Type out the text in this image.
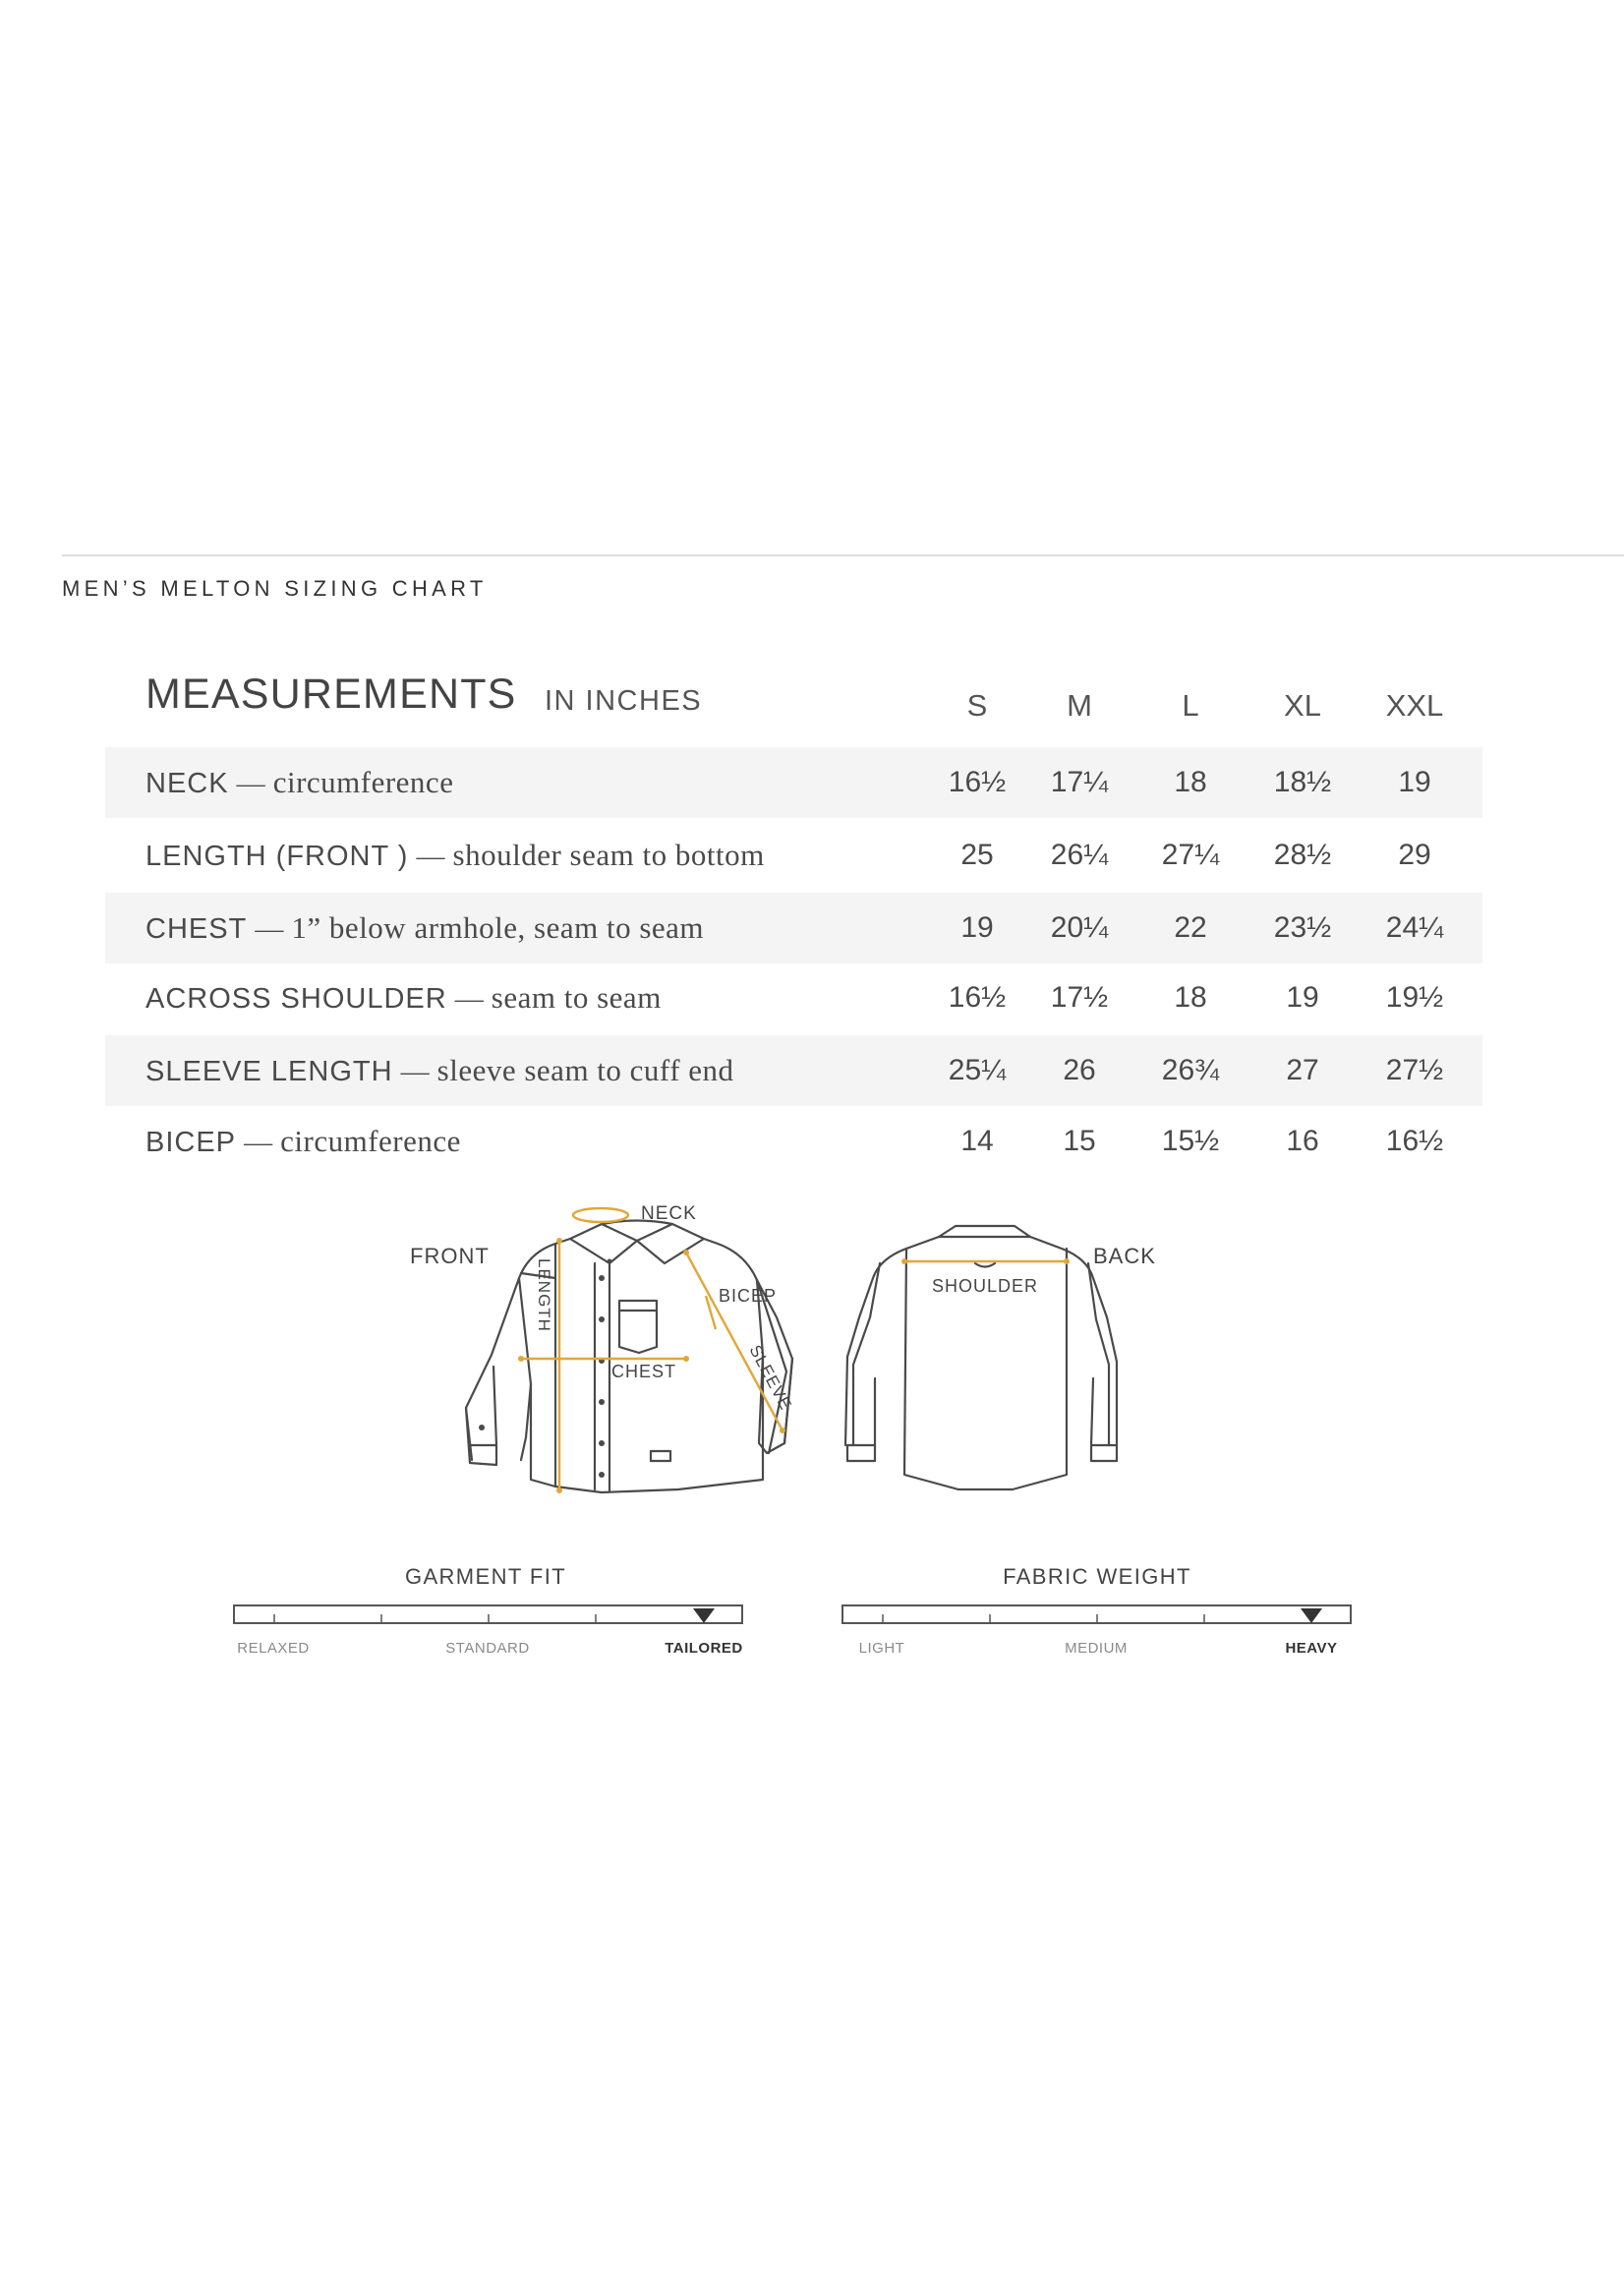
MEN’S MELTON SIZING CHART
MEASUREMENTS IN INCHES	S	M	L	XL	XXL
NECK — circumference	16½	17¼	18	18½	19
LENGTH (FRONT ) — shoulder seam to bottom	25	26¼	27¼	28½	29
CHEST — 1” below armhole, seam to seam	19	20¼	22	23½	24¼
ACROSS SHOULDER — seam to seam	16½	17½	18	19	19½
SLEEVE LENGTH — sleeve seam to cuff end	25¼	26	26¾	27	27½
BICEP — circumference	14	15	15½	16	16½
FRONT	BACK
NECK
BICEP
CHEST
SHOULDER
LENGTH
SLEEVE
GARMENT FIT	FABRIC WEIGHT
RELAXED	STANDARD	TAILORED	LIGHT	MEDIUM	HEAVY
